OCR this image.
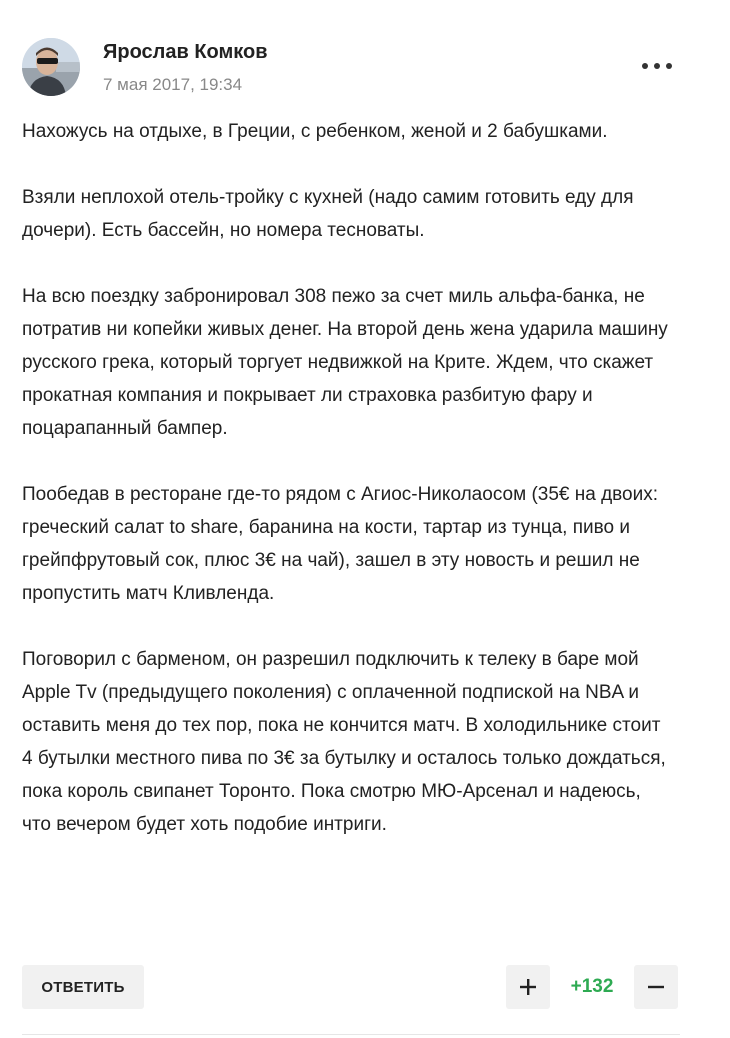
Ярослав Комков
7 мая 2017, 19:34

Нахожусь на отдыхе, в Греции, с ребенком, женой и 2 бабушками.

Взяли неплохой отель-тройку с кухней (надо самим готовить еду для дочери). Есть бассейн, но номера тесноваты.

На всю поездку забронировал 308 пежо за счет миль альфа-банка, не потратив ни копейки живых денег. На второй день жена ударила машину русского грека, который торгует недвижкой на Крите. Ждем, что скажет прокатная компания и покрывает ли страховка разбитую фару и поцарапанный бампер.

Пообедав в ресторане где-то рядом с Агиос-Николаосом (35€ на двоих: греческий салат to share, баранина на кости, тартар из тунца, пиво и грейпфрутовый сок, плюс 3€ на чай), зашел в эту новость и решил не пропустить матч Кливленда.

Поговорил с барменом, он разрешил подключить к телеку в баре мой Apple Tv (предыдущего поколения) с оплаченной подпиской на NBA и оставить меня до тех пор, пока не кончится матч. В холодильнике стоит 4 бутылки местного пива по 3€ за бутылку и осталось только дождаться, пока король свипанет Торонто. Пока смотрю МЮ-Арсенал и надеюсь, что вечером будет хоть подобие интриги.

ОТВЕТИТЬ	+132
